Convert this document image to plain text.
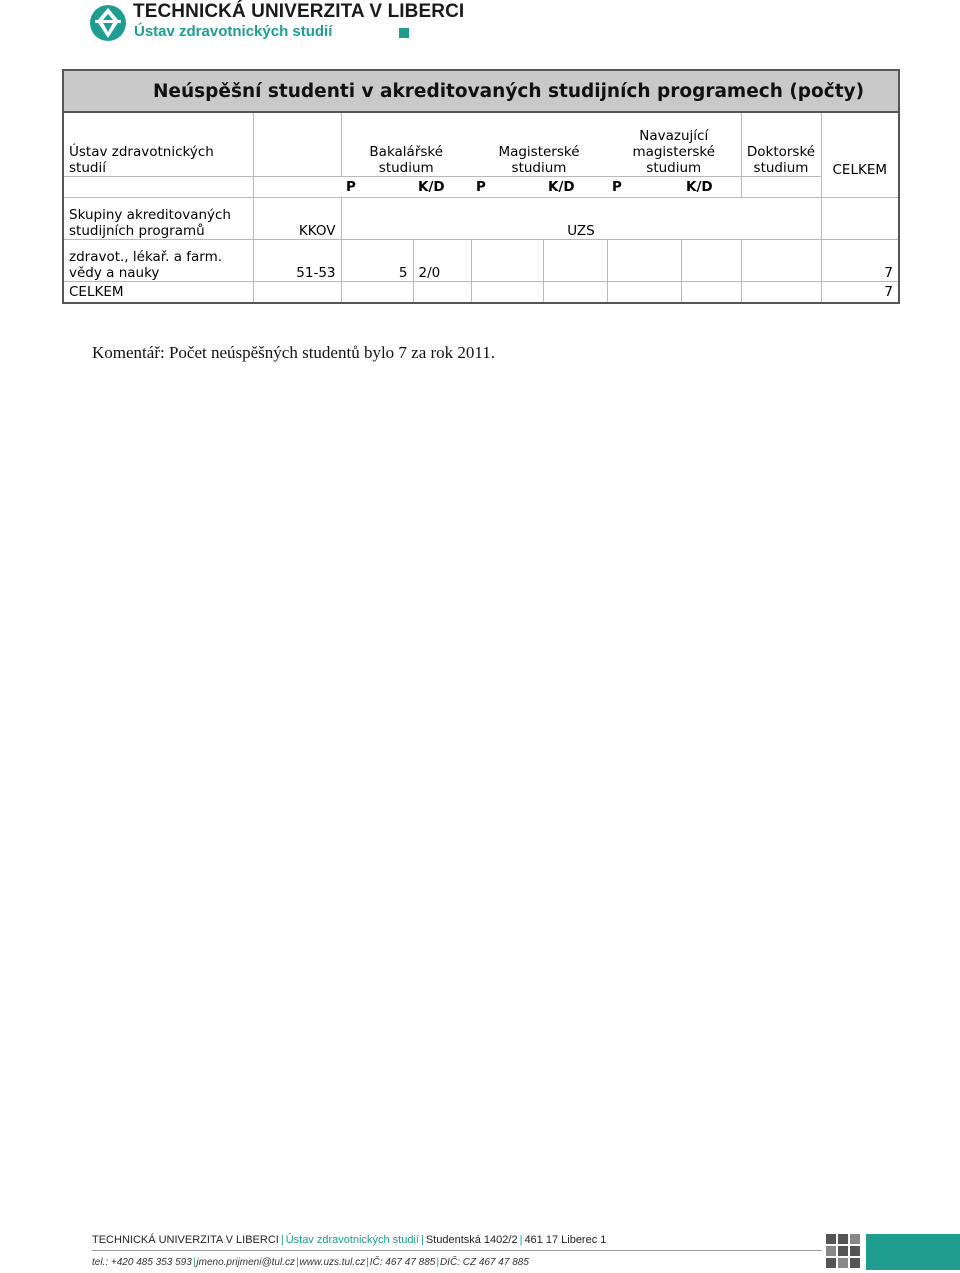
TECHNICKÁ UNIVERZITA V LIBERCI
Ústav zdravotnických studií
Neúspěšní studenti v akreditovaných studijních programech (počty)									
Ústav zdravotnických studií		Bakalářské studium		Magisterské studium		Navazující magisterské studium		Doktorské studium	CELKEM
		P	K/D	P	K/D	P	K/D		
Skupiny akreditovaných studijních programů	KKOV	UZS							
zdravot., lékař. a farm. vědy a nauky	51-53	5	2/0						7
CELKEM									7
Komentář: Počet neúspěšných studentů bylo 7 za rok 2011.
TECHNICKÁ UNIVERZITA V LIBERCI | Ústav zdravotnických studií | Studentská 1402/2 | 461 17 Liberec 1
tel.: +420 485 353 593|jmeno.prijmeni@tul.cz|www.uzs.tul.cz|IČ: 467 47 885|DIČ: CZ 467 47 885
